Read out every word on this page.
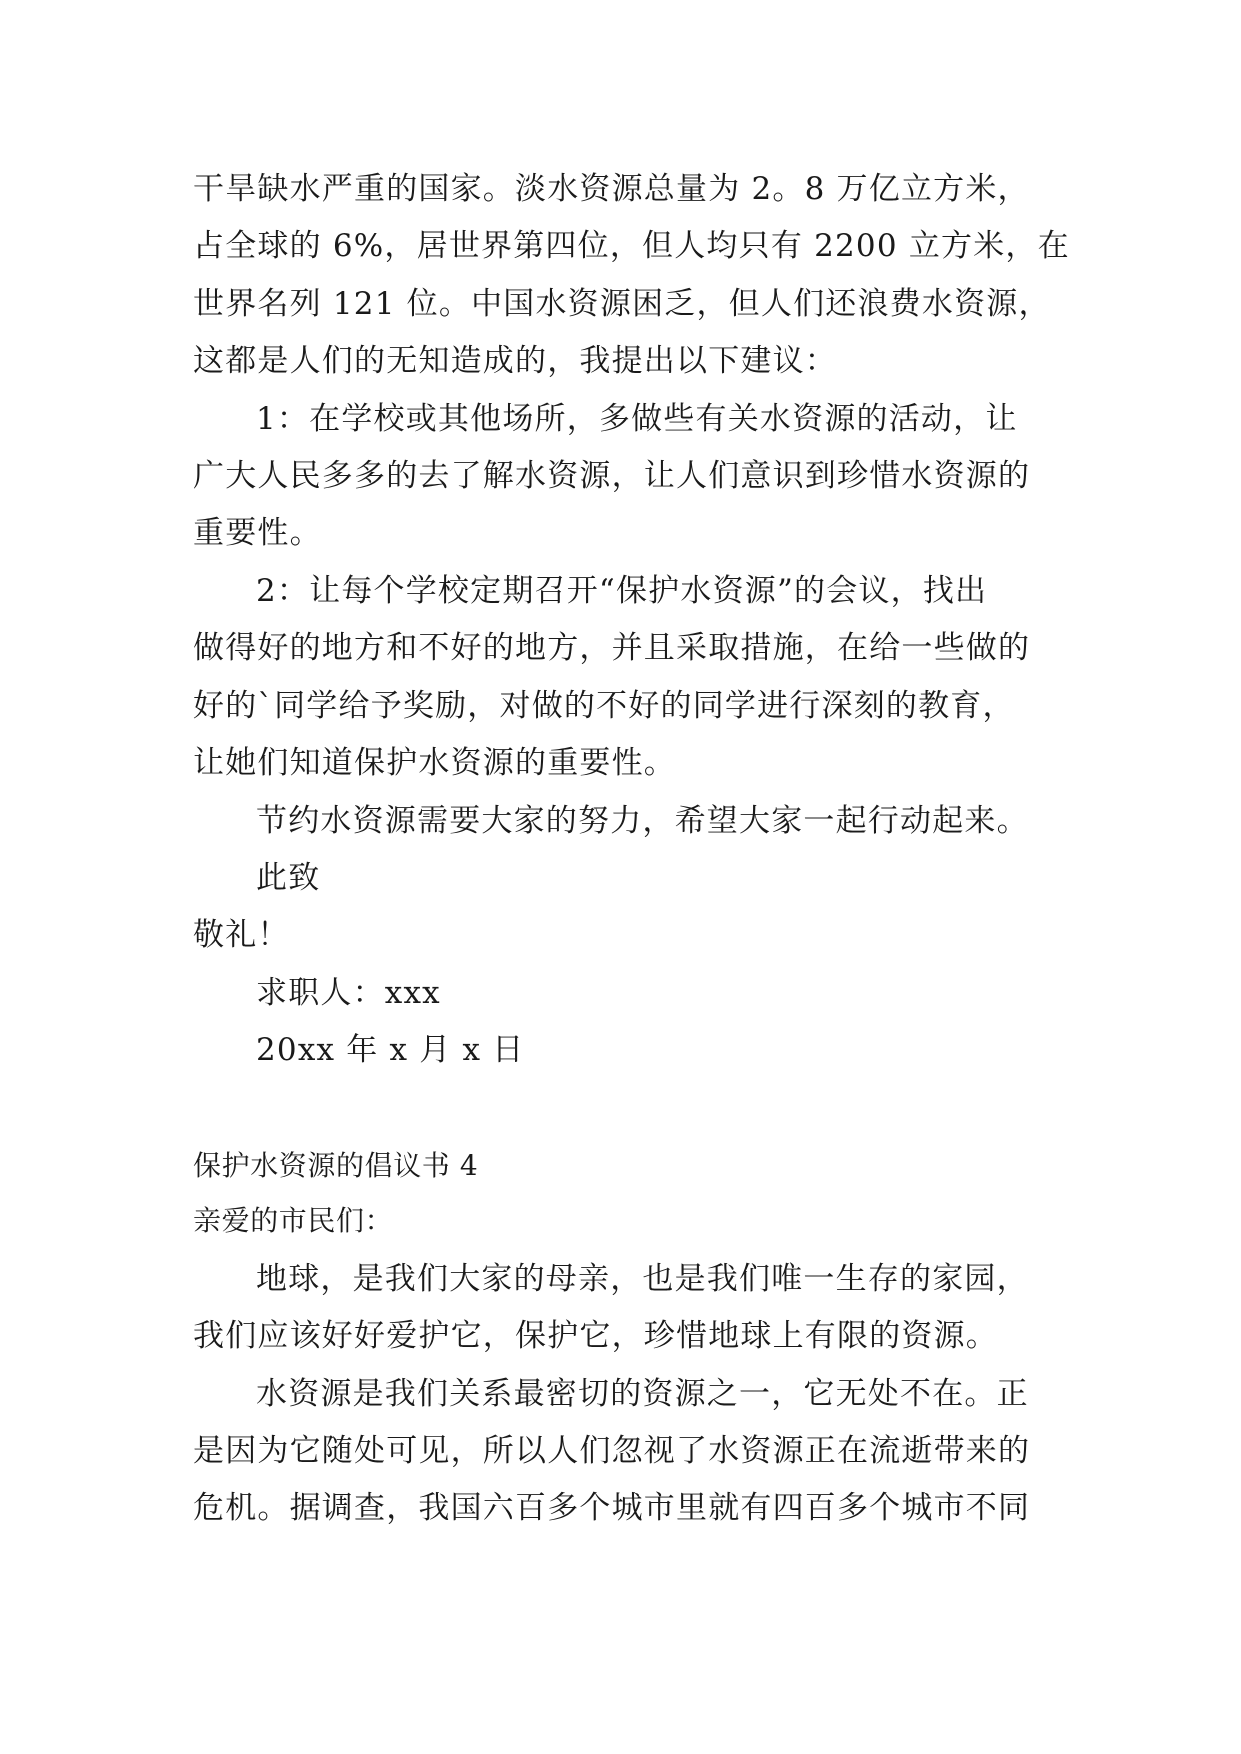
干旱缺水严重的国家。淡水资源总量为 2。8 万亿立方米，
占全球的 6%，居世界第四位，但人均只有 2200 立方米，在
世界名列 121 位。中国水资源困乏，但人们还浪费水资源，
这都是人们的无知造成的，我提出以下建议：
1：在学校或其他场所，多做些有关水资源的活动，让
广大人民多多的去了解水资源，让人们意识到珍惜水资源的
重要性。
2：让每个学校定期召开“保护水资源”的会议，找出
做得好的地方和不好的地方，并且采取措施，在给一些做的
好的`同学给予奖励，对做的不好的同学进行深刻的教育，
让她们知道保护水资源的重要性。
节约水资源需要大家的努力，希望大家一起行动起来。
此致
敬礼！
求职人：xxx
20xx 年 x 月 x 日
保护水资源的倡议书 4
亲爱的市民们：
地球，是我们大家的母亲，也是我们唯一生存的家园，
我们应该好好爱护它，保护它，珍惜地球上有限的资源。
水资源是我们关系最密切的资源之一，它无处不在。正
是因为它随处可见，所以人们忽视了水资源正在流逝带来的
危机。据调查，我国六百多个城市里就有四百多个城市不同
